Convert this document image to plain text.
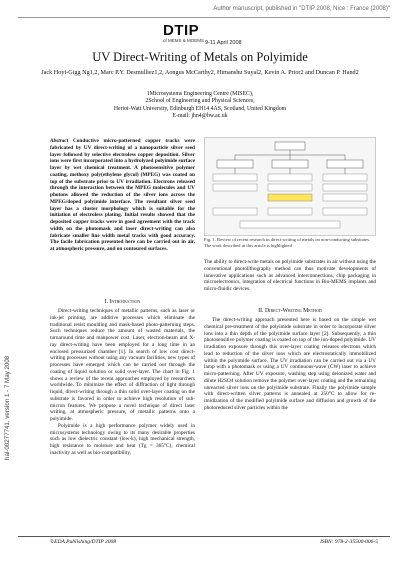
Author manuscript, published in "DTIP 2008, Nice : France (2008)"
DTIP
of MEMS & MOEMS 9-11 April 2008
UV Direct-Writing of Metals on Polyimide
Jack Hoyt-Gigg Ng1,2, Marc P.Y. Desmulliez1,2, Aongus McCarthy2, Himanshu Suyal2, Kevin A. Prior2 and Duncan P. Hand2
1Microsystems Engineering Centre (MISEC),
2School of Engineering and Physical Sciences,
Heriot-Watt University, Edinburgh EH14 4AS, Scotland, United Kingdom
E-mail: jhn4@hw.ac.uk
hal-00277741, version 1 - 7 May 2008
Abstract Conductive micro-patterned copper tracks were fabricated by UV direct-writing of a nanoparticle silver seed layer followed by selective electroless copper deposition. Silver ions were first incorporated into a hydrolyzed polyimide surface layer by wet chemical treatment. A photosensitive polymer coating, methoxy poly(ethylene glycol) (MPEG) was coated on top of the substrate prior to UV irradiation. Electrons released through the interaction between the MPEG molecules and UV photons allowed the reduction of the silver ions across the MPEG/doped polyimide interface. The resultant silver seed layer has a cluster morphology which is suitable for the initiation of electroless plating. Initial results showed that the deposited copper tracks were in good agreement with the track width on the photomask and laser direct-writing can also fabricate smaller line width metal tracks with good accuracy. The facile fabrication presented here can be carried out in air, at atmospheric pressure, and on contoured surfaces.
I. Introduction

Direct-writing techniques of metallic patterns, such as laser or ink-jet printing, are additive processes which eliminate the traditional resist moulding and mask-based photo-patterning steps. Such techniques reduce the amount of wasted materials, the turnaround time and manpower cost. Laser, electron-beam and X-ray direct-writing have been employed for a long time in an enclosed pressurized chamber [1]. In search of low cost direct-writing processes without using any vacuum facilities, new types of processes have emerged which can be carried out through the coating of liquid solution or solid over-layer. The chart in Fig. 1 shows a review of the recent approaches employed by researchers worldwide. To minimize the effect of diffraction of light through liquid, direct-writing through a thin solid over-layer coating on the substrate is favored in order to achieve high resolution of sub-micron features. We propose a novel technique of direct laser writing, at atmospheric pressure, of metallic patterns onto a polyimide.

Polyimide is a high performance polymer widely used in microsystems technology owing to its many desirable properties such as low dielectric constant (low-k), high mechanical strength, high resistance to moisture and heat (Tg = 365°C), chemical inactivity as well as bio-compatibility.

Fig. 1. Review of recent research in direct-writing of metals on non-conducting substrates. The work described in this article is highlighted

The ability to direct-write metals on polyimide substrates in air without using the conventional photolithography method can thus motivate developments of innovative applications such as advanced interconnections, chip packaging in microelectronics, integration of electrical functions in Bio-MEMS implants and micro-fluidic devices.

II. Direct-Writing Method

The direct-writing approach presented here is based on the simple wet chemical pre-treatment of the polyimide substrate in order to incorporate silver ions into a thin depth of the polyimide surface layer [2]. Subsequently, a thin photosensitive polymer coating is coated on top of the ion-doped polyimide. UV irradiation exposure through this over-layer coating releases electrons which lead to reduction of the silver ions which are electrostatically immobilized within the polyimide surface. The UV irradiation can be carried out via a UV lamp with a photomask or using a UV continuous-wave (CW) laser to achieve micro-patterning. After UV exposure, washing step using deionized water and dilute H2SO4 solution remove the polymer over-layer coating and the remaining unreacted silver ions on the polyimide substrate. Finally the polyimide sample with direct-written silver patterns is annealed at 250°C to allow for re-imidization of the modified polyimide surface and diffusion and growth of the photoreduced silver particles within the

©EDA Publishing/DTIP 2008	ISBN: 978-2-35500-006-5
